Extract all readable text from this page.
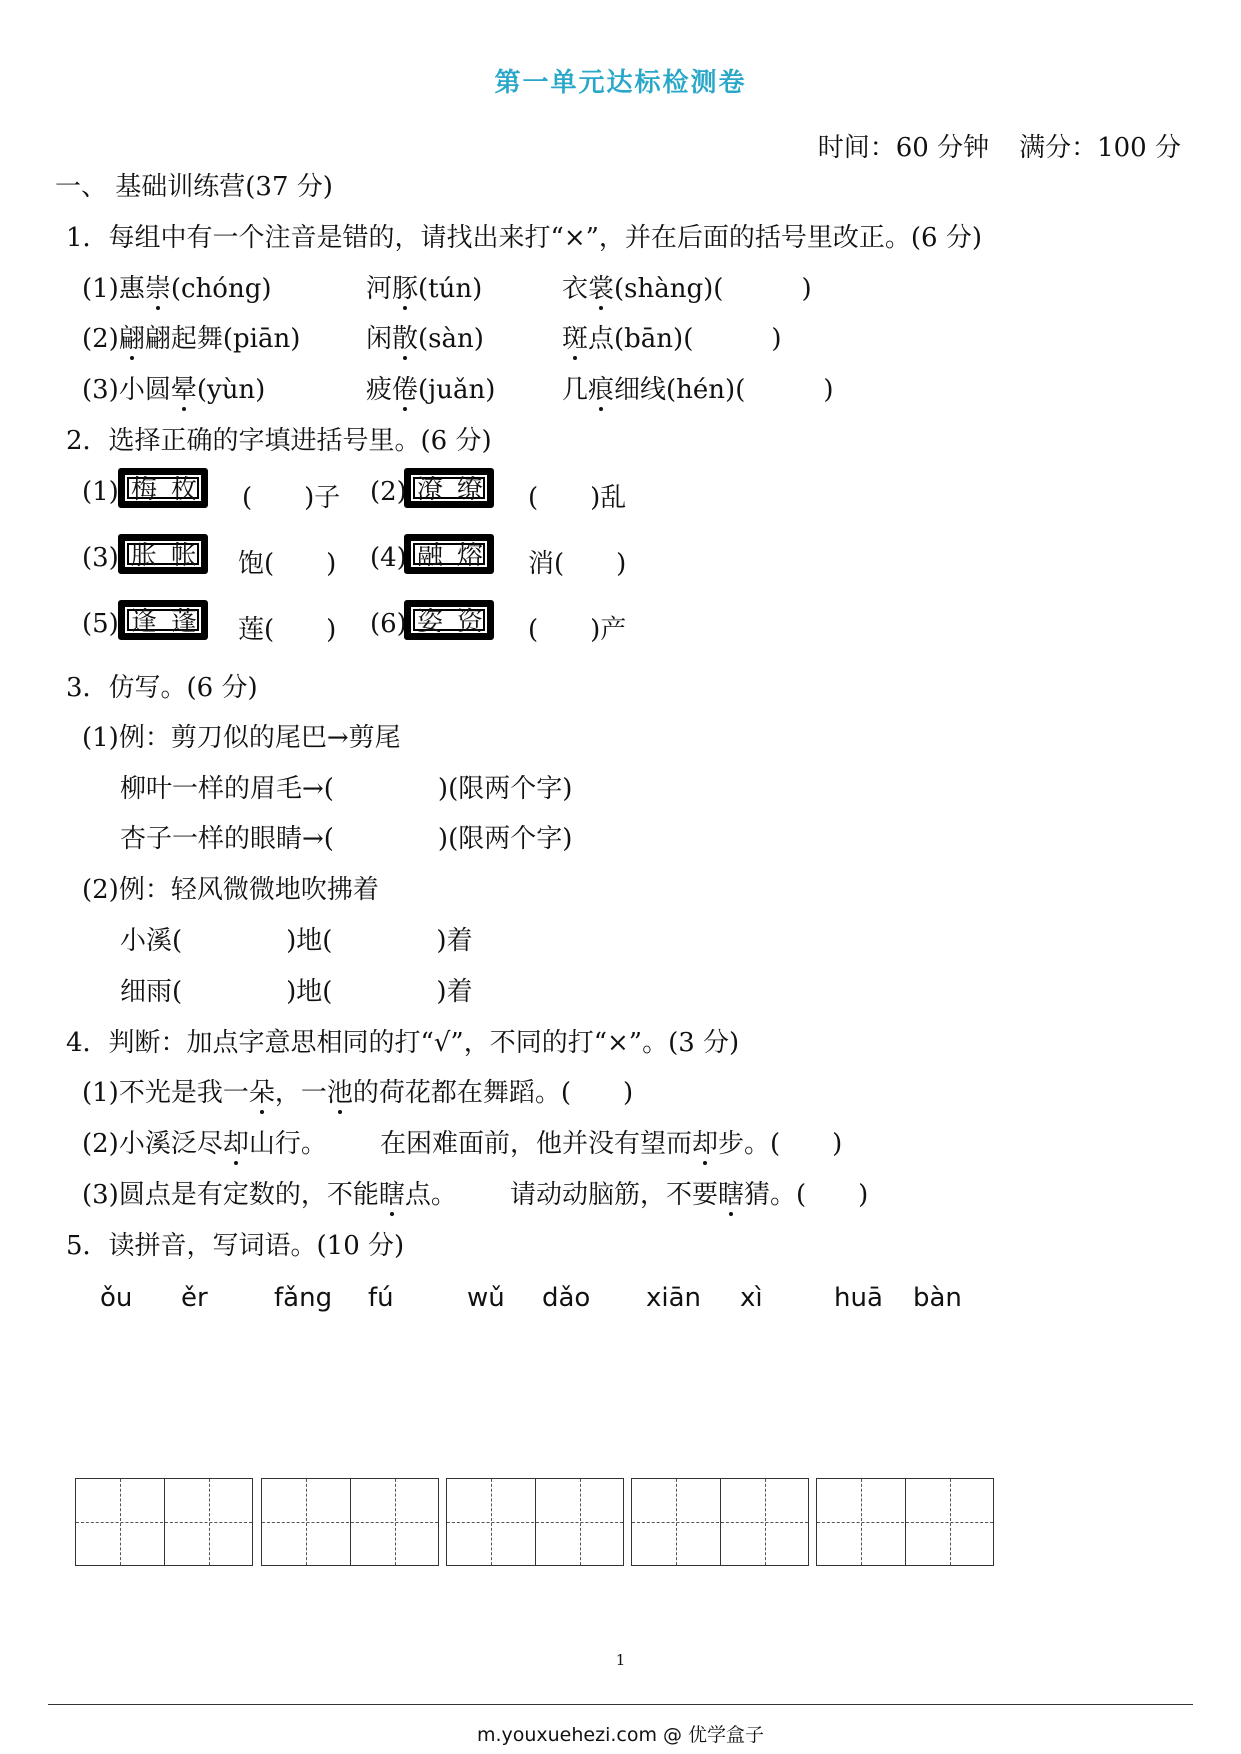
第一单元达标检测卷
时间：60 分钟 满分：100 分
一、 基础训练营(37 分)
1．每组中有一个注音是错的，请找出来打“×”，并在后面的括号里改正。(6 分)
(1)惠崇(chóng)	河豚(tún)	衣裳(shàng)(　　　)
(2)翩翩起舞(piān)	闲散(sàn)	斑点(bān)(　　　)
(3)小圆晕(yùn)	疲倦(juǎn)	几痕细线(hén)(　　　)
2．选择正确的字填进括号里。(6 分)
(1) 梅 枚 (　　)子 (2) 潦 缭 (　　)乱
(3) 胀 帐 饱(　　) (4) 融 熔 消(　　)
(5) 逢 蓬 莲(　　) (6) 姿 资 (　　)产
3．仿写。(6 分)
(1)例：剪刀似的尾巴→剪尾
柳叶一样的眉毛→(　　　　)(限两个字)
杏子一样的眼睛→(　　　　)(限两个字)
(2)例：轻风微微地吹拂着
小溪(　　　　)地(　　　　)着
细雨(　　　　)地(　　　　)着
4．判断：加点字意思相同的打“√”，不同的打“×”。(3 分)
(1)不光是我一朵，一池的荷花都在舞蹈。(　　)
(2)小溪泛尽却山行。 在困难面前，他并没有望而却步。(　　)
(3)圆点是有定数的，不能瞎点。 请动动脑筋，不要瞎猜。(　　)
5．读拼音，写词语。(10 分)
ǒu ěr	fǎng fú	wǔ dǎo xiān xì	huā bàn
1
m.youxuehezi.com @ 优学盒子
